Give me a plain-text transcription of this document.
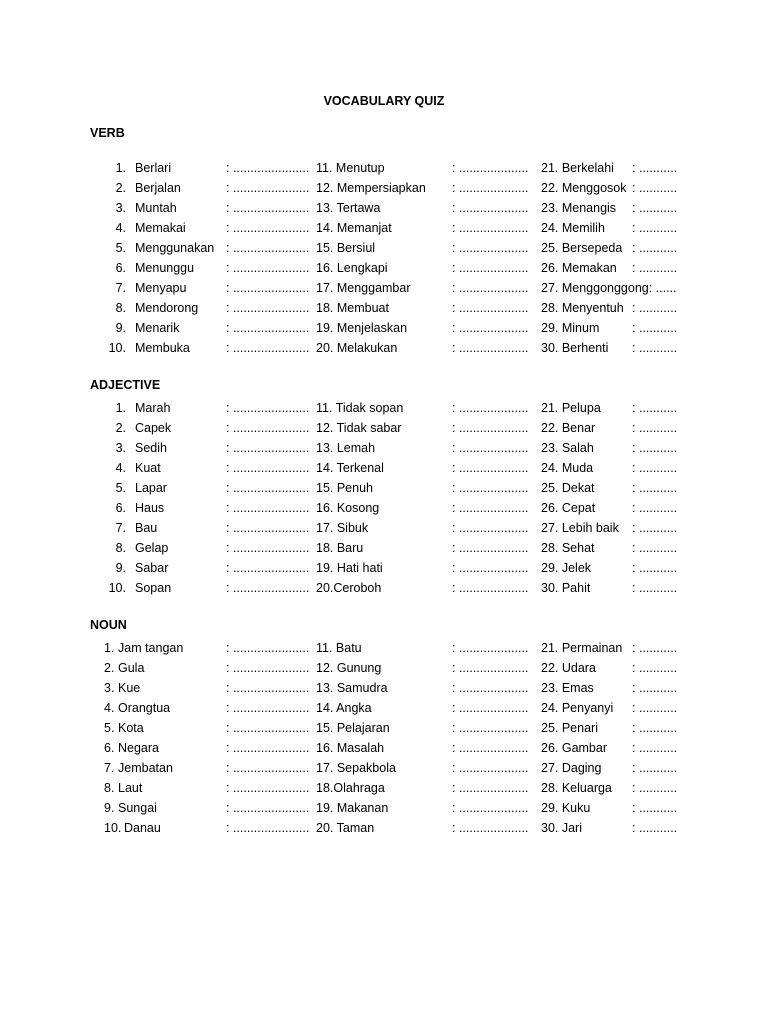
VOCABULARY QUIZ
VERB
1. Berlari	: ...................... 11. Menutup	: .................... 21. Berkelahi : ...........
2. Berjalan	: ...................... 12. Mempersiapkan : .................... 22. Menggosok : ...........
3. Muntah	: ...................... 13. Tertawa	: .................... 23. Menangis : ...........
4. Memakai	: ...................... 14. Memanjat	: .................... 24. Memilih : ...........
5. Menggunakan : ...................... 15. Bersiul	: .................... 25. Bersepeda : ...........
6. Menunggu	: ...................... 16. Lengkapi	: .................... 26. Memakan : ...........
7. Menyapu	: ...................... 17. Menggambar	: .................... 27. Menggonggong: ......
8. Mendorong : ...................... 18. Membuat	: .................... 28. Menyentuh : ...........
9. Menarik	: ...................... 19. Menjelaskan	: .................... 29. Minum	: ...........
10. Membuka	: ...................... 20. Melakukan	: .................... 30. Berhenti : ...........
ADJECTIVE
1. Marah	: ...................... 11. Tidak sopan	: .................... 21. Pelupa : ...........
2. Capek	: ...................... 12. Tidak sabar	: .................... 22. Benar	: ...........
3. Sedih	: ...................... 13. Lemah	: .................... 23. Salah	: ...........
4. Kuat	: ...................... 14. Terkenal	: .................... 24. Muda	: ...........
5. Lapar	: ...................... 15. Penuh	: .................... 25. Dekat	: ...........
6. Haus	: ...................... 16. Kosong	: .................... 26. Cepat	: ...........
7. Bau	: ...................... 17. Sibuk	: .................... 27. Lebih baik : ...........
8. Gelap	: ...................... 18. Baru	: .................... 28. Sehat	: ...........
9. Sabar	: ...................... 19. Hati hati	: .................... 29. Jelek	: ...........
10. Sopan	: ...................... 20.Ceroboh	: .................... 30. Pahit	: ...........
NOUN
1. Jam tangan	: ...................... 11. Batu	: .................... 21. Permainan : ...........
2. Gula	: ...................... 12. Gunung	: .................... 22. Udara	: ...........
3. Kue	: ...................... 13. Samudra	: .................... 23. Emas	: ...........
4. Orangtua	: ...................... 14. Angka	: .................... 24. Penyanyi : ...........
5. Kota	: ...................... 15. Pelajaran	: .................... 25. Penari	: ...........
6. Negara	: ...................... 16. Masalah	: .................... 26. Gambar : ...........
7. Jembatan	: ...................... 17. Sepakbola	: .................... 27. Daging : ...........
8. Laut	: ...................... 18.Olahraga	: .................... 28. Keluarga : ...........
9. Sungai	: ...................... 19. Makanan	: .................... 29. Kuku	: ...........
10. Danau	: ...................... 20. Taman	: .................... 30. Jari	: ...........
